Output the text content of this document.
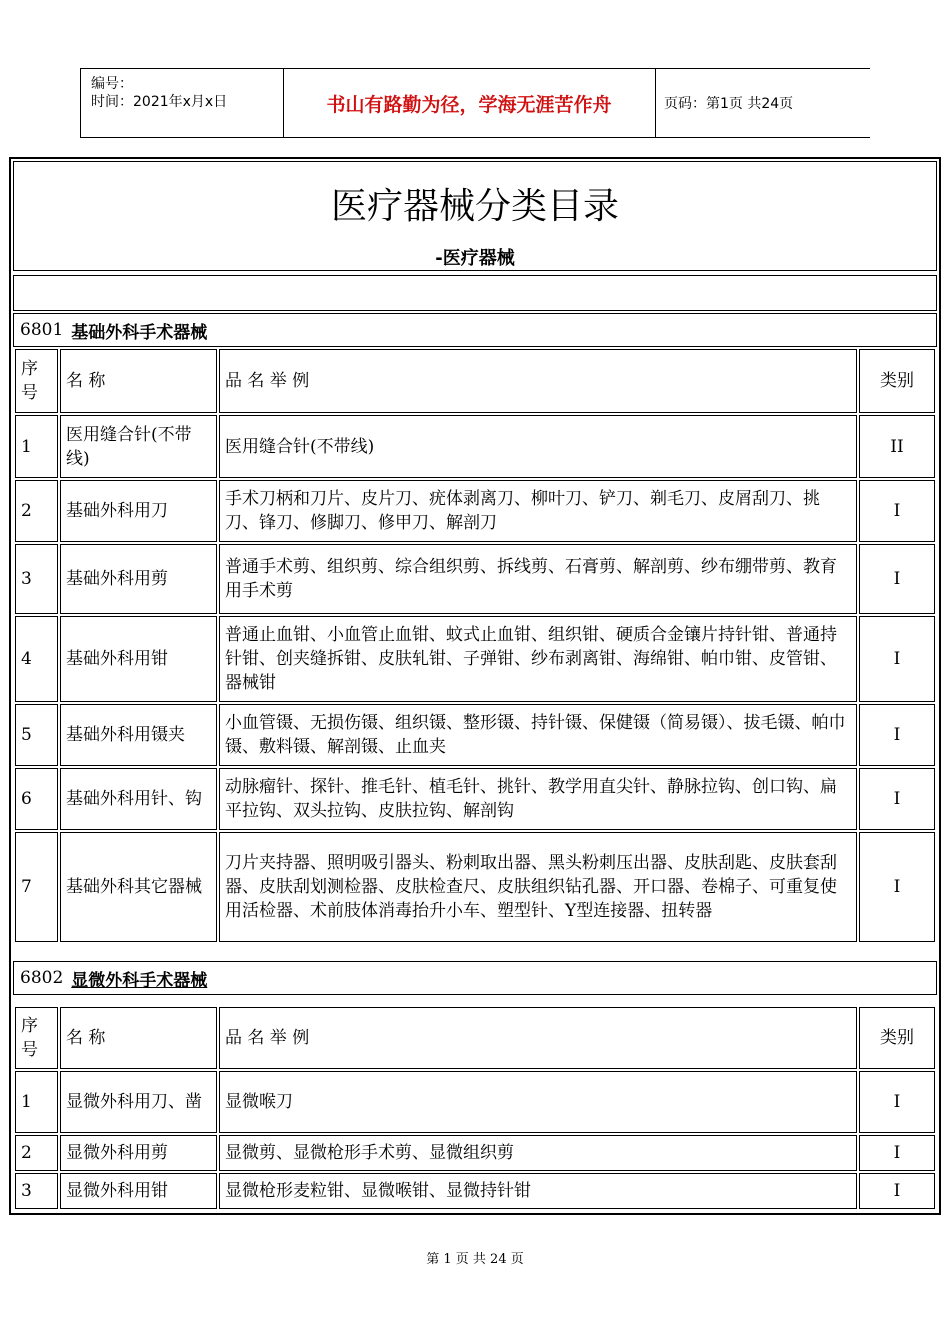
编号：
时间：2021年x月x日	书山有路勤为径，学海无涯苦作舟	页码：第1页 共24页
医疗器械分类目录
-医疗器械
6801 基础外科手术器械
序号	名 称	品 名 举 例	类别
1	医用缝合针(不带线)	医用缝合针(不带线)	II
2	基础外科用刀	手术刀柄和刀片、皮片刀、疣体剥离刀、柳叶刀、铲刀、剃毛刀、皮屑刮刀、挑刀、锋刀、修脚刀、修甲刀、解剖刀	I
3	基础外科用剪	普通手术剪、组织剪、综合组织剪、拆线剪、石膏剪、解剖剪、纱布绷带剪、教育用手术剪	I
4	基础外科用钳	普通止血钳、小血管止血钳、蚊式止血钳、组织钳、硬质合金镶片持针钳、普通持针钳、创夹缝拆钳、皮肤轧钳、子弹钳、纱布剥离钳、海绵钳、帕巾钳、皮管钳、器械钳	I
5	基础外科用镊夹	小血管镊、无损伤镊、组织镊、整形镊、持针镊、保健镊（简易镊）、拔毛镊、帕巾镊、敷料镊、解剖镊、止血夹	I
6	基础外科用针、钩	动脉瘤针、探针、推毛针、植毛针、挑针、教学用直尖针、静脉拉钩、创口钩、扁平拉钩、双头拉钩、皮肤拉钩、解剖钩	I
7	基础外科其它器械	刀片夹持器、照明吸引器头、粉刺取出器、黑头粉刺压出器、皮肤刮匙、皮肤套刮器、皮肤刮划测检器、皮肤检查尺、皮肤组织钻孔器、开口器、卷棉子、可重复使用活检器、术前肢体消毒抬升小车、塑型针、Y型连接器、扭转器	I
6802 显微外科手术器械
序号	名 称	品 名 举 例	类别
1	显微外科用刀、凿	显微喉刀	I
2	显微外科用剪	显微剪、显微枪形手术剪、显微组织剪	I
3	显微外科用钳	显微枪形麦粒钳、显微喉钳、显微持针钳	I
第 1 页 共 24 页
